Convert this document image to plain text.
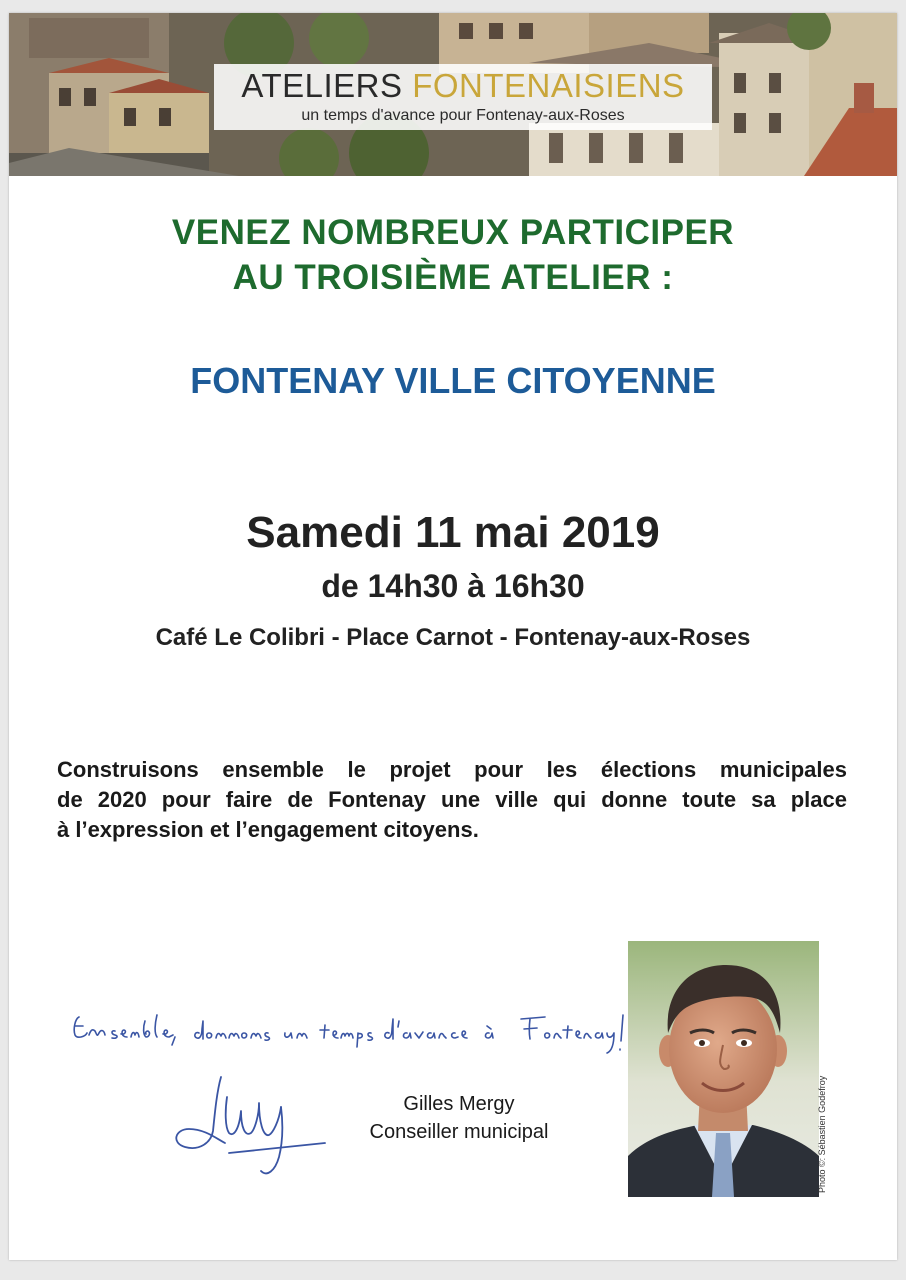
ATELIERS FONTENAISIENS
un temps d'avance pour Fontenay-aux-Roses
VENEZ NOMBREUX PARTICIPER
AU TROISIÈME ATELIER :
FONTENAY VILLE CITOYENNE
Samedi 11 mai 2019
de 14h30 à 16h30
Café Le Colibri - Place Carnot - Fontenay-aux-Roses
Construisons ensemble le projet pour les élections municipales
de 2020 pour faire de Fontenay une ville qui donne toute sa place
à l’expression et l’engagement citoyens.
Gilles Mergy
Conseiller municipal	Photo ©: Sébastien Godefroy
